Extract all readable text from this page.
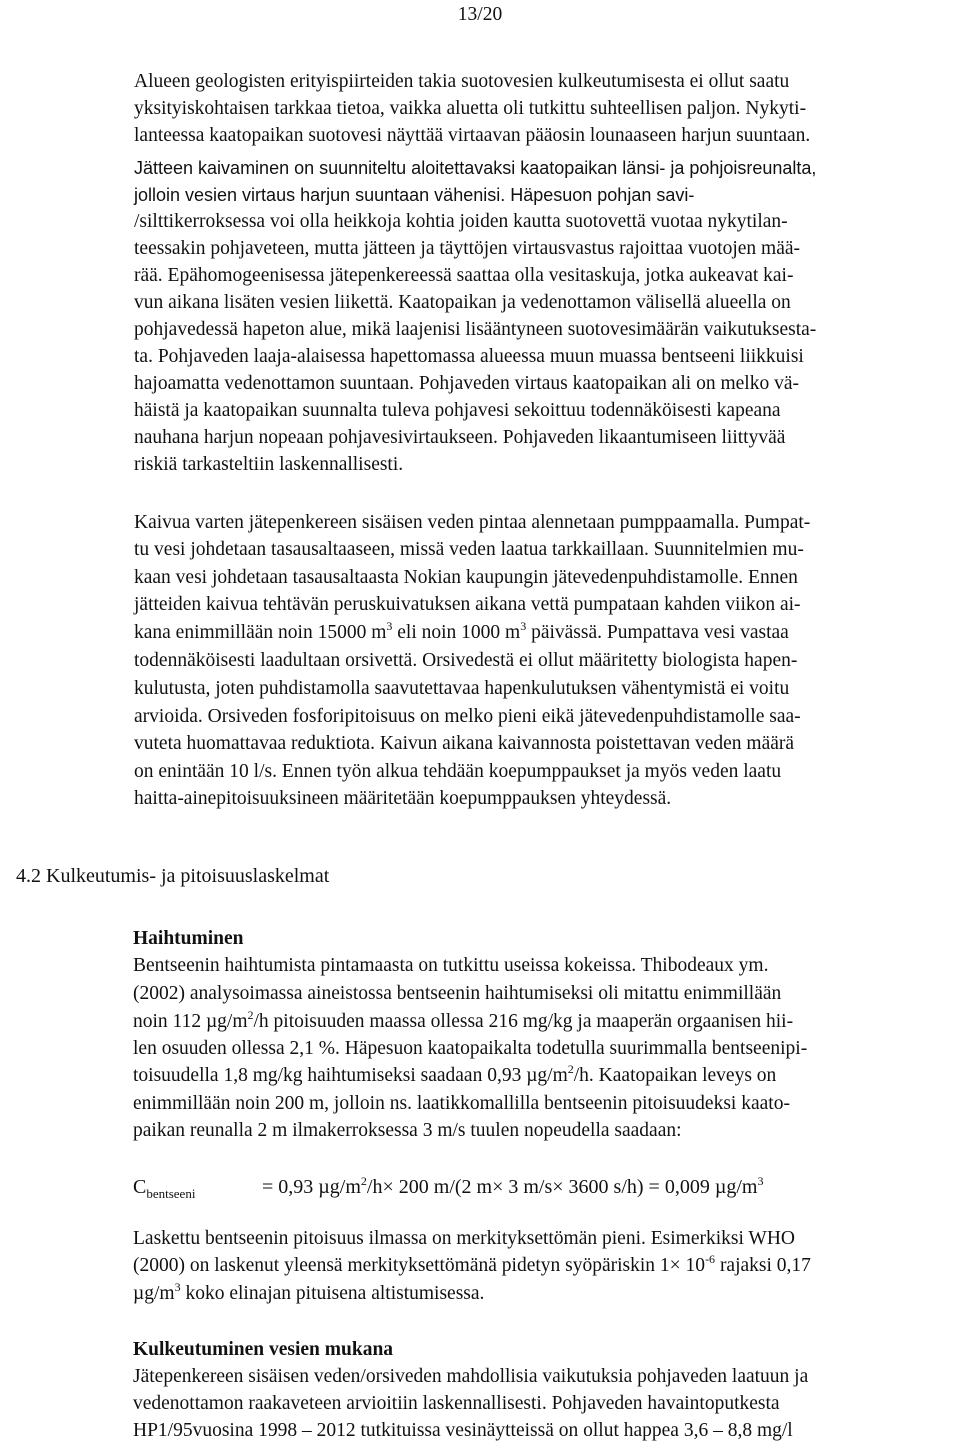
13/20
Alueen geologisten erityispiirteiden takia suotovesien kulkeutumisesta ei ollut saatu
yksityiskohtaisen tarkkaa tietoa, vaikka aluetta oli tutkittu suhteellisen paljon. Nykyti-
lanteessa kaatopaikan suotovesi näyttää virtaavan pääosin lounaaseen harjun suuntaan.
Jätteen kaivaminen on suunniteltu aloitettavaksi kaatopaikan länsi- ja pohjoisreunalta,
jolloin vesien virtaus harjun suuntaan vähenisi. Häpesuon pohjan savi-
/silttikerroksessa voi olla heikkoja kohtia joiden kautta suotovettä vuotaa nykytilan-
teessakin pohjaveteen, mutta jätteen ja täyttöjen virtausvastus rajoittaa vuotojen mää-
rää. Epähomogeenisessa jätepenkereessä saattaa olla vesitaskuja, jotka aukeavat kai-
vun aikana lisäten vesien liikettä. Kaatopaikan ja vedenottamon välisellä alueella on
pohjavedessä hapeton alue, mikä laajenisi lisääntyneen suotovesimäärän vaikutuksesta-
ta. Pohjaveden laaja-alaisessa hapettomassa alueessa muun muassa bentseeni liikkuisi
hajoamatta vedenottamon suuntaan. Pohjaveden virtaus kaatopaikan ali on melko vä-
häistä ja kaatopaikan suunnalta tuleva pohjavesi sekoittuu todennäköisesti kapeana
nauhana harjun nopeaan pohjavesivirtaukseen. Pohjaveden likaantumiseen liittyvää
riskiä tarkasteltiin laskennallisesti.
Kaivua varten jätepenkereen sisäisen veden pintaa alennetaan pumppaamalla. Pumpat-
tu vesi johdetaan tasausaltaaseen, missä veden laatua tarkkaillaan. Suunnitelmien mu-
kaan vesi johdetaan tasausaltaasta Nokian kaupungin jätevedenpuhdistamolle. Ennen
jätteiden kaivua tehtävän peruskuivatuksen aikana vettä pumpataan kahden viikon ai-
kana enimmillään noin 15000 $m^3$ eli noin 1000 $m^3$ päivässä. Pumpattava vesi vastaa
todennäköisesti laadultaan orsivettä. Orsivedestä ei ollut määritetty biologista hapen-
kulutusta, joten puhdistamolla saavutettavaa hapenkulutuksen vähentymistä ei voitu
arvioida. Orsiveden fosforipitoisuus on melko pieni eikä jätevedenpuhdistamolle saa-
vuteta huomattavaa reduktiota. Kaivun aikana kaivannosta poistettavan veden määrä
on enintään 10 l/s. Ennen työn alkua tehdään koepumppaukset ja myös veden laatu
haitta-ainepitoisuuksineen määritetään koepumppauksen yhteydessä.
4.2 Kulkeutumis- ja pitoisuuslaskelmat
Haihtuminen
Bentseenin haihtumista pintamaasta on tutkittu useissa kokeissa. Thibodeaux ym.
(2002) analysoimassa aineistossa bentseenin haihtumiseksi oli mitattu enimmillään
noin 112 $\mu g/m^2/h$ pitoisuuden maassa ollessa 216 mg/kg ja maaperän orgaanisen hii-
len osuuden ollessa 2,1 %. Häpesuon kaatopaikalta todetulla suurimmalla bentseenipi-
toisuudella 1,8 mg/kg haihtumiseksi saadaan 0,93 $\mu g/m^2/h$. Kaatopaikan leveys on
enimmillään noin 200 m, jolloin ns. laatikkomallilla bentseenin pitoisuudeksi kaato-
paikan reunalla 2 m ilmakerroksessa 3 m/s tuulen nopeudella saadaan:
$C_{bentseeni}$	= 0,93 $\mu g/m^2/h\times 200$ m/(2 m× 3 m/s× 3600 s/h) = 0,009 $\mu g/m^3$
Laskettu bentseenin pitoisuus ilmassa on merkityksettömän pieni. Esimerkiksi WHO
(2000) on laskenut yleensä merkityksettömänä pidetyn syöpäriskin $1\times 10^{-6}$ rajaksi 0,17
$\mu g/m^3$ koko elinajan pituisena altistumisessa.
Kulkeutuminen vesien mukana
Jätepenkereen sisäisen veden/orsiveden mahdollisia vaikutuksia pohjaveden laatuun ja
vedenottamon raakaveteen arvioitiin laskennallisesti. Pohjaveden havaintoputkesta
HP1/95vuosina 1998 – 2012 tutkituissa vesinäytteissä on ollut happea 3,6 – 8,8 mg/l
